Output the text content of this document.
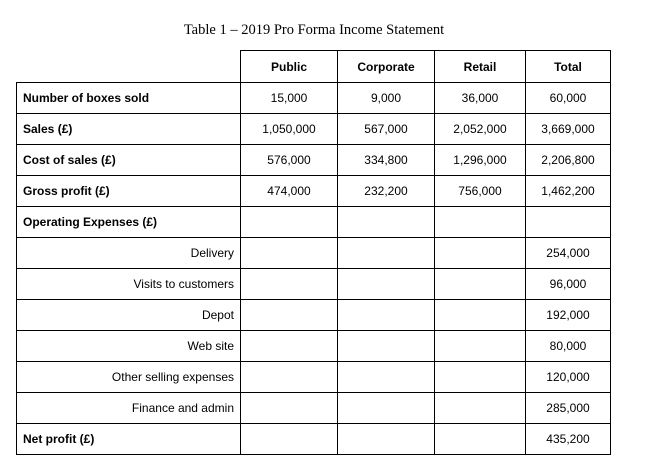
Table 1 – 2019 Pro Forma Income Statement
	Public	Corporate	Retail	Total
Number of boxes sold	15,000	9,000	36,000	60,000
Sales (£)	1,050,000	567,000	2,052,000	3,669,000
Cost of sales (£)	576,000	334,800	1,296,000	2,206,800
Gross profit (£)	474,000	232,200	756,000	1,462,200
Operating Expenses (£)				
Delivery				254,000
Visits to customers				96,000
Depot				192,000
Web site				80,000
Other selling expenses				120,000
Finance and admin				285,000
Net profit (£)				435,200
